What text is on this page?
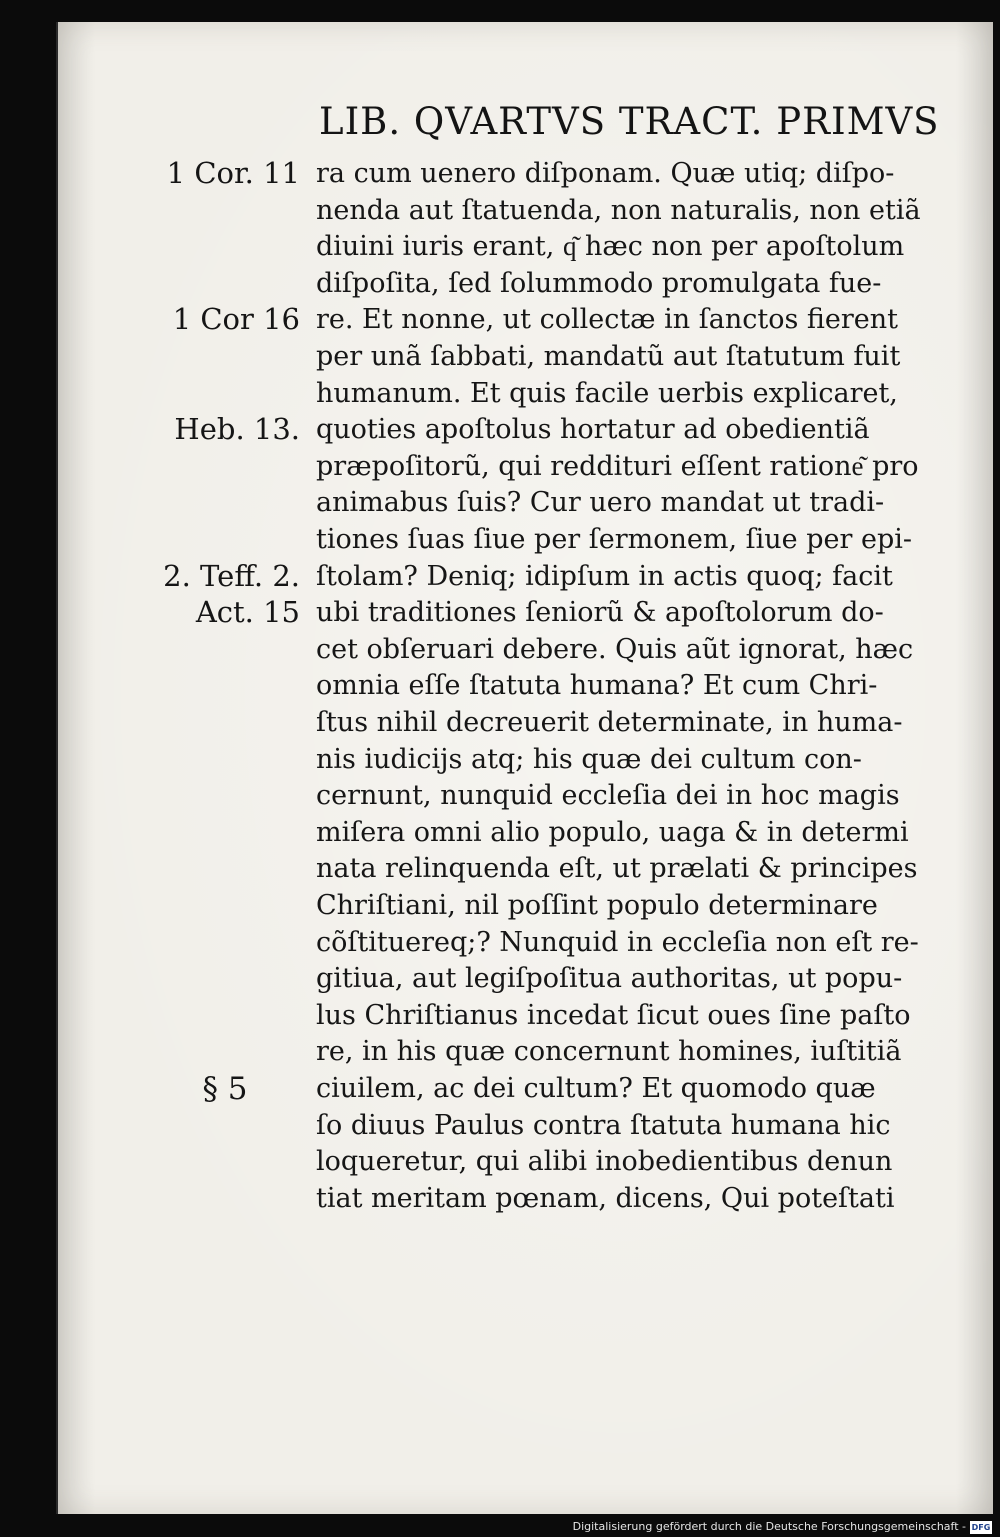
LIB. QVARTVS TRACT. PRIMVS
1 Cor. 11
1 Cor 16
Heb. 13.
2. Teff. 2.
Act. 15
§ 5
ra cum uenero diſponam. Quæ utiq; diſpo-
nenda aut ſtatuenda, non naturalis, non etiã
diuini iuris erant, q͂ hæc non per apoſtolum
diſpoſita, ſed ſolummodo promulgata fue-
re. Et nonne, ut collectæ in ſanctos fierent
per unã ſabbati, mandatũ aut ſtatutum fuit
humanum. Et quis facile uerbis explicaret,
quoties apoſtolus hortatur ad obedientiã
præpoſitorũ, qui reddituri eſſent ratione͂ pro
animabus ſuis? Cur uero mandat ut tradi-
tiones ſuas ſiue per ſermonem, ſiue per epi-
ſtolam? Deniq; idipſum in actis quoq; facit
ubi traditiones ſeniorũ & apoſtolorum do-
cet obſeruari debere. Quis aũt ignorat, hæc
omnia eſſe ſtatuta humana? Et cum Chri-
ſtus nihil decreuerit determinate, in huma-
nis iudicijs atq; his quæ dei cultum con-
cernunt, nunquid eccleſia dei in hoc magis
miſera omni alio populo, uaga & in determi
nata relinquenda eſt, ut prælati & principes
Chriſtiani, nil poſſint populo determinare
cõſtituereq;? Nunquid in eccleſia non eſt re-
gitiua, aut legiſpoſitua authoritas, ut popu-
lus Chriſtianus incedat ſicut oues ſine paſto
re, in his quæ concernunt homines, iuſtitiã
ciuilem, ac dei cultum? Et quomodo quæ
ſo diuus Paulus contra ſtatuta humana hic
loqueretur, qui alibi inobedientibus denun
tiat meritam pœnam, dicens, Qui poteſtati
Digitalisierung gefördert durch die Deutsche Forschungsgemeinschaft - DFG
